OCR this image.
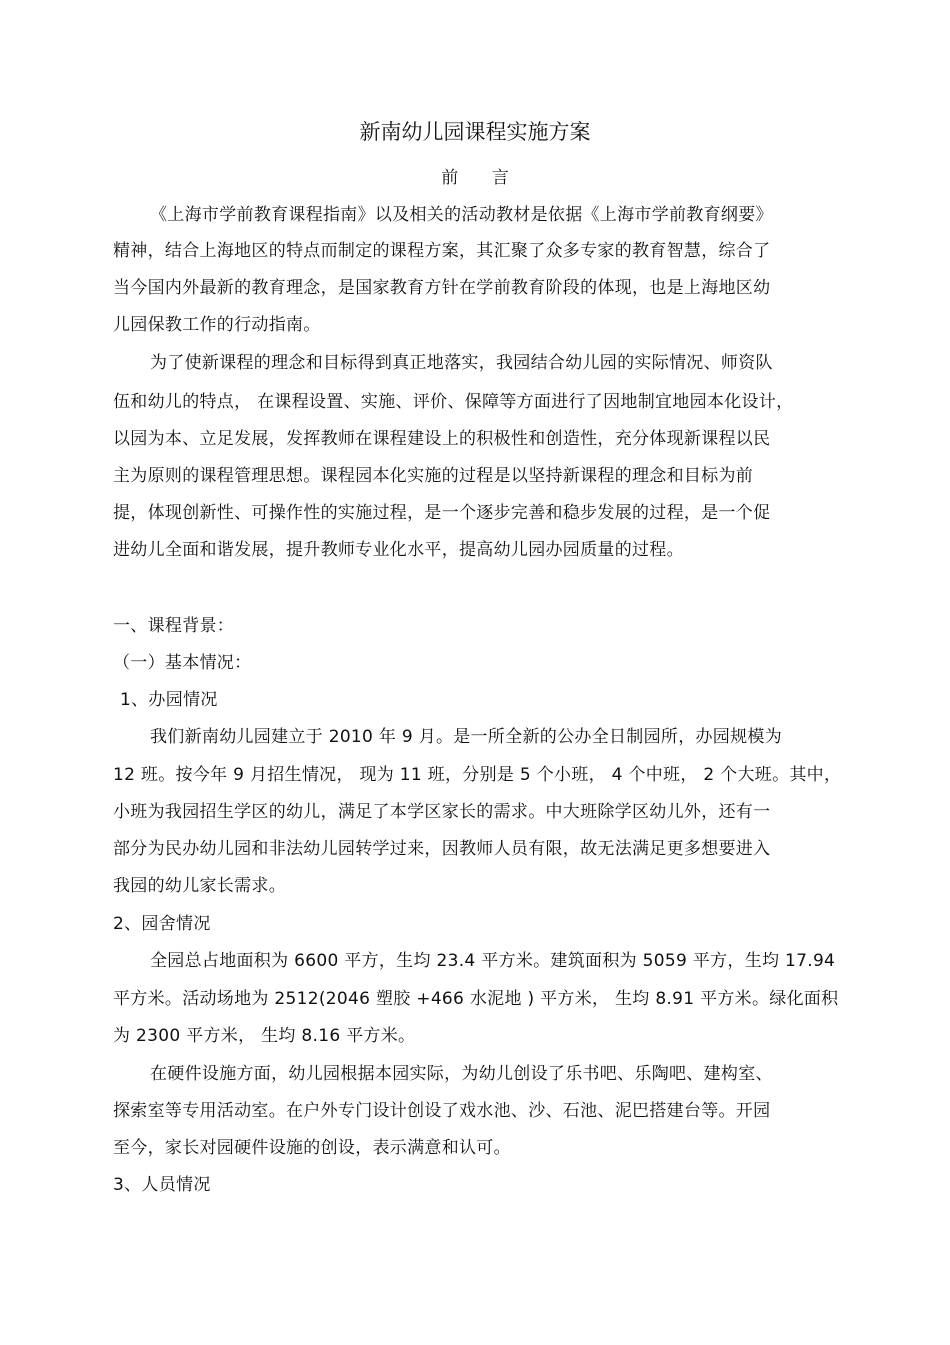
新南幼儿园课程实施方案
前 言
《上海市学前教育课程指南》以及相关的活动教材是依据《上海市学前教育纲要》
精神，结合上海地区的特点而制定的课程方案，其汇聚了众多专家的教育智慧，综合了
当今国内外最新的教育理念，是国家教育方针在学前教育阶段的体现，也是上海地区幼
儿园保教工作的行动指南。
为了使新课程的理念和目标得到真正地落实，我园结合幼儿园的实际情况、师资队
伍和幼儿的特点， 在课程设置、实施、评价、保障等方面进行了因地制宜地园本化设计，
以园为本、立足发展，发挥教师在课程建设上的积极性和创造性，充分体现新课程以民
主为原则的课程管理思想。课程园本化实施的过程是以坚持新课程的理念和目标为前
提，体现创新性、可操作性的实施过程，是一个逐步完善和稳步发展的过程，是一个促
进幼儿全面和谐发展，提升教师专业化水平，提高幼儿园办园质量的过程。
一、课程背景：
（一）基本情况：
1、办园情况
我们新南幼儿园建立于 2010 年 9 月。是一所全新的公办全日制园所，办园规模为
12 班。按今年 9 月招生情况， 现为 11 班，分别是 5 个小班， 4 个中班， 2 个大班。其中，
小班为我园招生学区的幼儿，满足了本学区家长的需求。中大班除学区幼儿外，还有一
部分为民办幼儿园和非法幼儿园转学过来，因教师人员有限，故无法满足更多想要进入
我园的幼儿家长需求。
2、园舍情况
全园总占地面积为 6600 平方，生均 23.4 平方米。建筑面积为 5059 平方，生均 17.94
平方米。活动场地为 2512(2046 塑胶 +466 水泥地 ) 平方米， 生均 8.91 平方米。绿化面积
为 2300 平方米， 生均 8.16 平方米。
在硬件设施方面，幼儿园根据本园实际，为幼儿创设了乐书吧、乐陶吧、建构室、
探索室等专用活动室。在户外专门设计创设了戏水池、沙、石池、泥巴搭建台等。开园
至今，家长对园硬件设施的创设，表示满意和认可。
3、人员情况
